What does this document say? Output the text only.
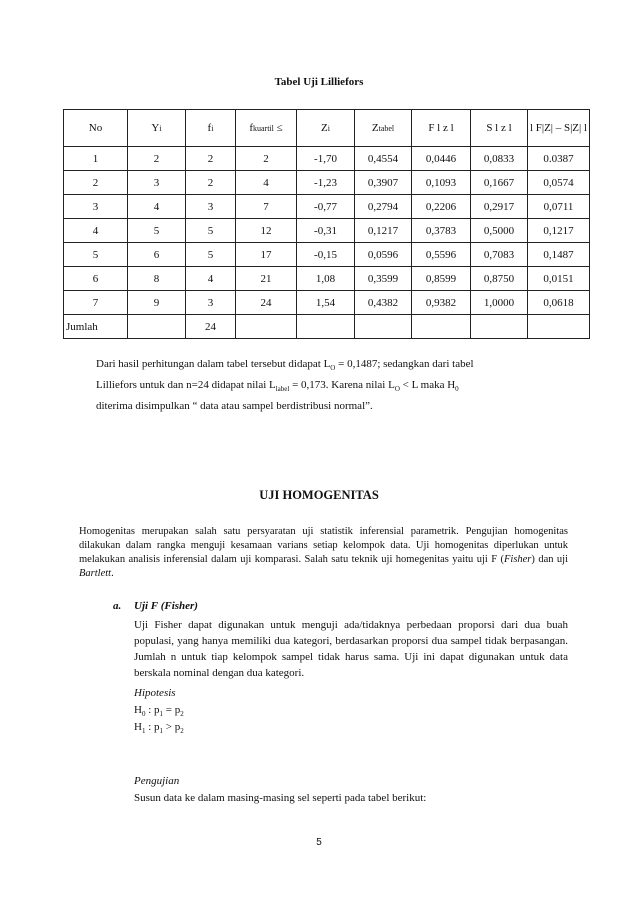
Tabel Uji Lilliefors
No	Yi	fi	fkuartil ≤	Zi	Ztabel	F l z l	S l z l	l F|Z| – S|Z| l
1	2	2	2	-1,70	0,4554	0,0446	0,0833	0.0387
2	3	2	4	-1,23	0,3907	0,1093	0,1667	0,0574
3	4	3	7	-0,77	0,2794	0,2206	0,2917	0,0711
4	5	5	12	-0,31	0,1217	0,3783	0,5000	0,1217
5	6	5	17	-0,15	0,0596	0,5596	0,7083	0,1487
6	8	4	21	1,08	0,3599	0,8599	0,8750	0,0151
7	9	3	24	1,54	0,4382	0,9382	1,0000	0,0618
Jumlah		24						

Dari hasil perhitungan dalam tabel tersebut didapat $L_O = 0,1487$; sedangkan dari tabel

Lilliefors untuk dan n=24 didapat nilai $L_{label} = 0,173$. Karena nilai $L_O < L$ maka $H_0$

diterima disimpulkan “ data atau sampel berdistribusi normal”.

UJI HOMOGENITAS

Homogenitas merupakan salah satu persyaratan uji statistik inferensial parametrik. Pengujian homogenitas dilakukan dalam rangka menguji kesamaan varians setiap kelompok data. Uji homogenitas diperlukan untuk melakukan analisis inferensial dalam uji komparasi. Salah satu teknik uji homegenitas yaitu uji F (Fisher) dan uji Bartlett.

a. Uji F (Fisher)

Uji Fisher dapat digunakan untuk menguji ada/tidaknya perbedaan proporsi dari dua buah populasi, yang hanya memiliki dua kategori, berdasarkan proporsi dua sampel tidak berpasangan. Jumlah n untuk tiap kelompok sampel tidak harus sama. Uji ini dapat digunakan untuk data berskala nominal dengan dua kategori.

Hipotesis
$H_0$ : $p_1 = p_2$
$H_1$ : $p_1 > p_2$
Pengujian
Susun data ke dalam masing-masing sel seperti pada tabel berikut:
5
